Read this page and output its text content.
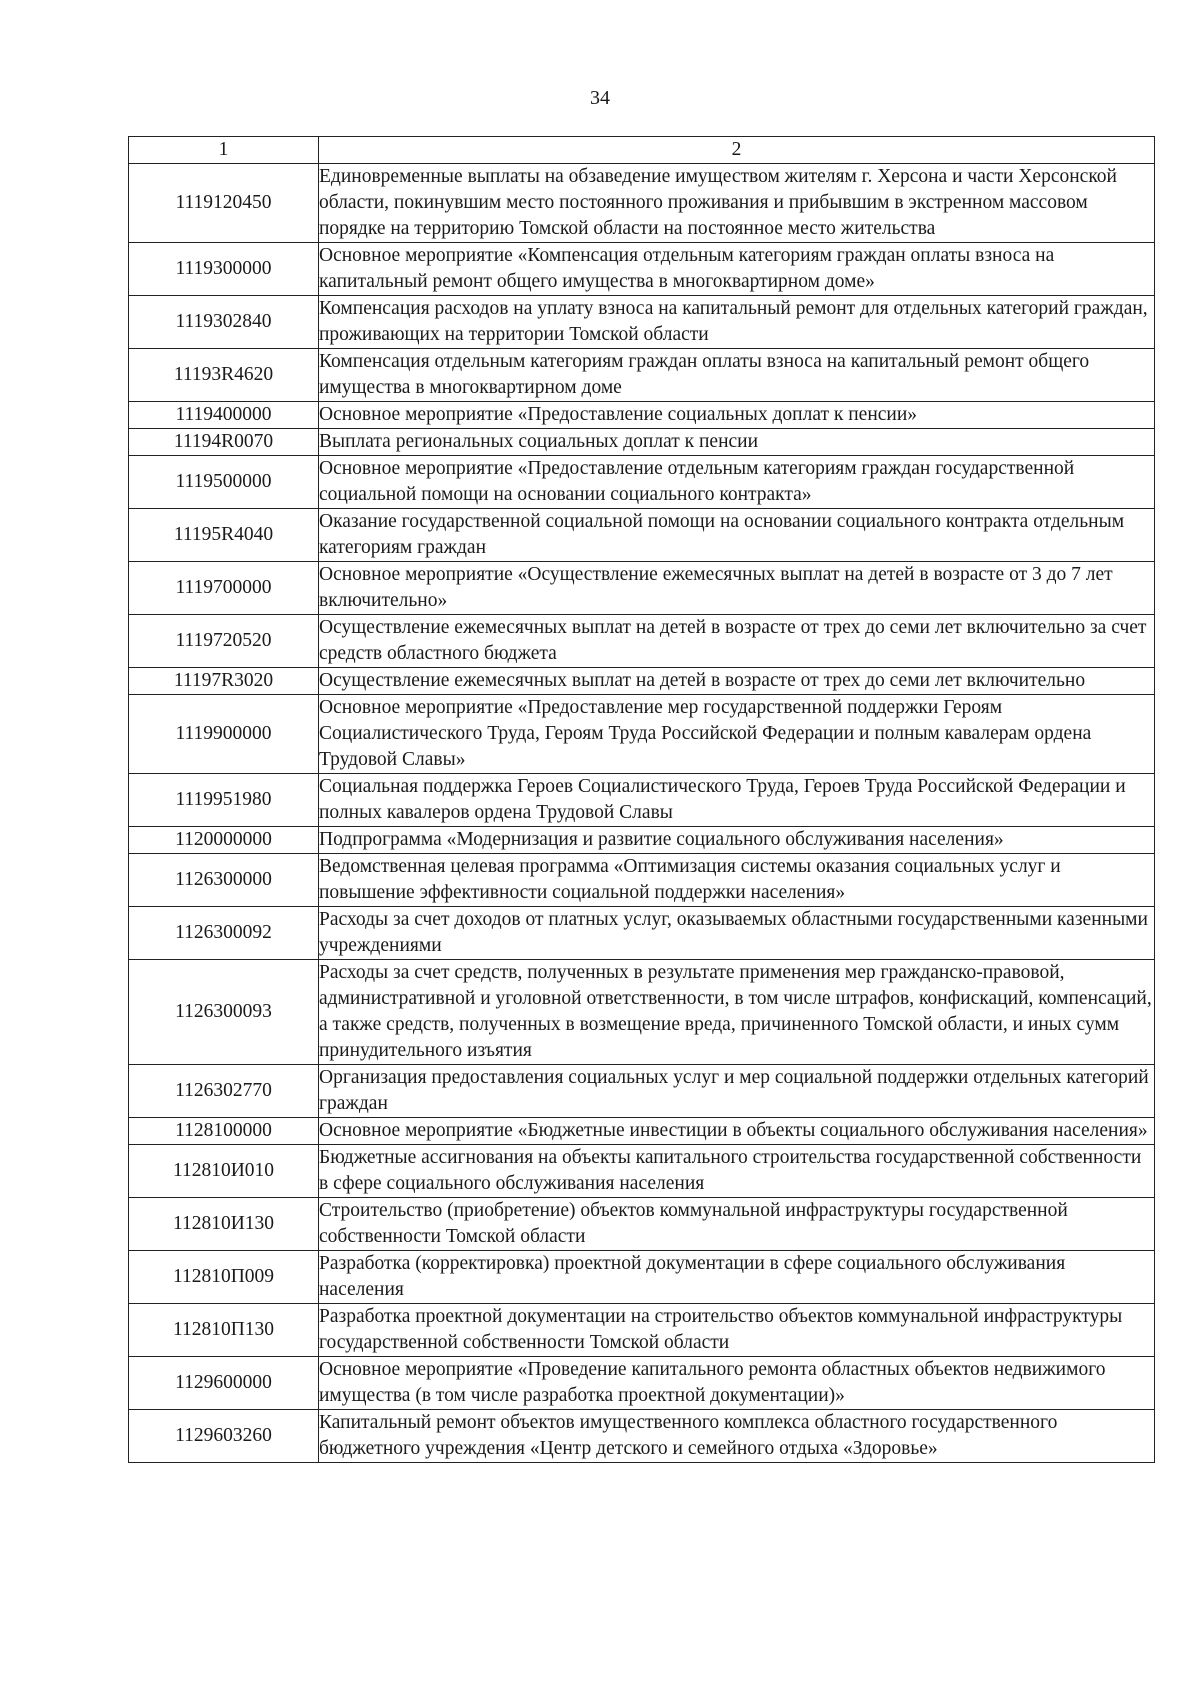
34
1	2
1119120450	Единовременные выплаты на обзаведение имуществом жителям г. Херсона и части Херсонской области, покинувшим место постоянного проживания и прибывшим в экстренном массовом порядке на территорию Томской области на постоянное место жительства
1119300000	Основное мероприятие «Компенсация отдельным категориям граждан оплаты взноса на капитальный ремонт общего имущества в многоквартирном доме»
1119302840	Компенсация расходов на уплату взноса на капитальный ремонт для отдельных категорий граждан, проживающих на территории Томской области
11193R4620	Компенсация отдельным категориям граждан оплаты взноса на капитальный ремонт общего имущества в многоквартирном доме
1119400000	Основное мероприятие «Предоставление социальных доплат к пенсии»
11194R0070	Выплата региональных социальных доплат к пенсии
1119500000	Основное мероприятие «Предоставление отдельным категориям граждан государственной социальной помощи на основании социального контракта»
11195R4040	Оказание государственной социальной помощи на основании социального контракта отдельным категориям граждан
1119700000	Основное мероприятие «Осуществление ежемесячных выплат на детей в возрасте от 3 до 7 лет включительно»
1119720520	Осуществление ежемесячных выплат на детей в возрасте от трех до семи лет включительно за счет средств областного бюджета
11197R3020	Осуществление ежемесячных выплат на детей в возрасте от трех до семи лет включительно
1119900000	Основное мероприятие «Предоставление мер государственной поддержки Героям Социалистического Труда, Героям Труда Российской Федерации и полным кавалерам ордена Трудовой Славы»
1119951980	Социальная поддержка Героев Социалистического Труда, Героев Труда Российской Федерации и полных кавалеров ордена Трудовой Славы
1120000000	Подпрограмма «Модернизация и развитие социального обслуживания населения»
1126300000	Ведомственная целевая программа «Оптимизация системы оказания социальных услуг и повышение эффективности социальной поддержки населения»
1126300092	Расходы за счет доходов от платных услуг, оказываемых областными государственными казенными учреждениями
1126300093	Расходы за счет средств, полученных в результате применения мер гражданско-правовой, административной и уголовной ответственности, в том числе штрафов, конфискаций, компенсаций, а также средств, полученных в возмещение вреда, причиненного Томской области, и иных сумм принудительного изъятия
1126302770	Организация предоставления социальных услуг и мер социальной поддержки отдельных категорий граждан
1128100000	Основное мероприятие «Бюджетные инвестиции в объекты социального обслуживания населения»
112810И010	Бюджетные ассигнования на объекты капитального строительства государственной собственности в сфере социального обслуживания населения
112810И130	Строительство (приобретение) объектов коммунальной инфраструктуры государственной собственности Томской области
112810П009	Разработка (корректировка) проектной документации в сфере социального обслуживания населения
112810П130	Разработка проектной документации на строительство объектов коммунальной инфраструктуры государственной собственности Томской области
1129600000	Основное мероприятие «Проведение капитального ремонта областных объектов недвижимого имущества (в том числе разработка проектной документации)»
1129603260	Капитальный ремонт объектов имущественного комплекса областного государственного бюджетного учреждения «Центр детского и семейного отдыха «Здоровье»
